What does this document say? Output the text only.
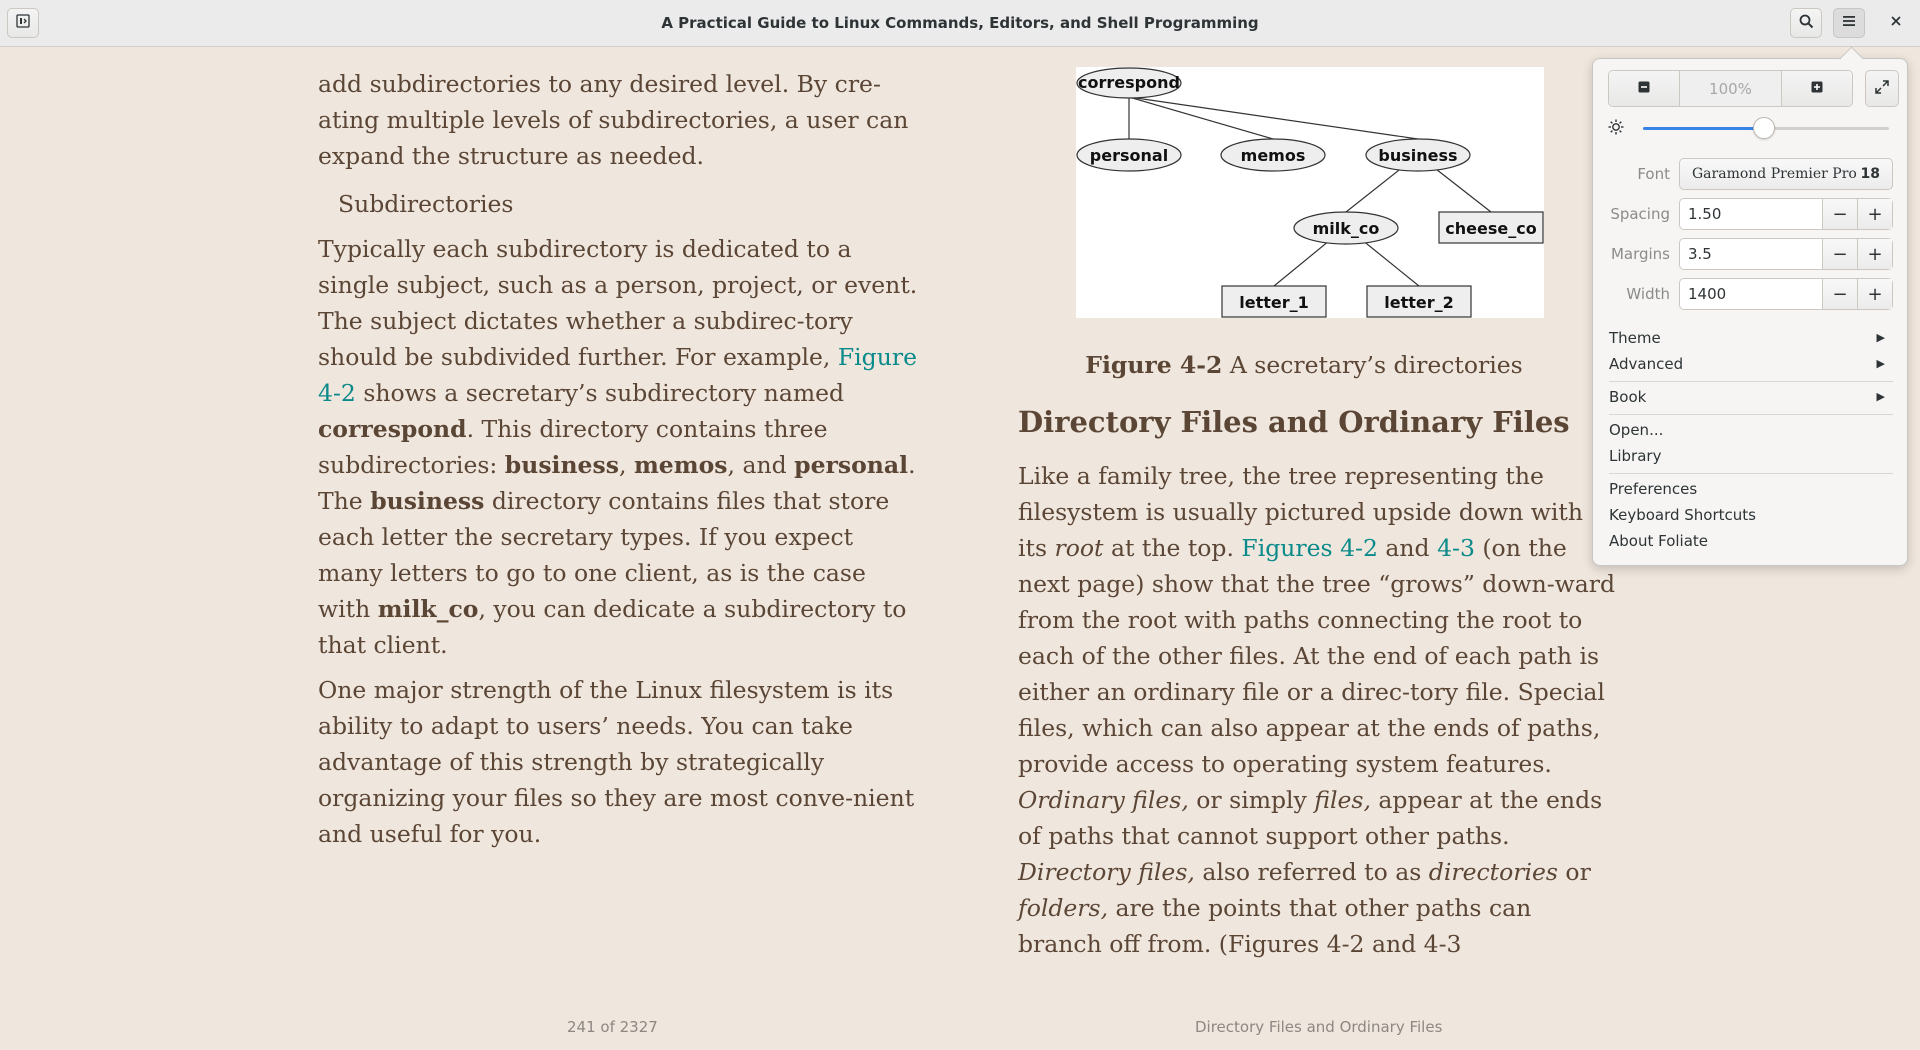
A Practical Guide to Linux Commands, Editors, and Shell Programming

add subdirectories to any desired level. By cre-ating multiple levels of subdirectories, a user can expand the structure as needed.

Subdirectories

Typically each subdirectory is dedicated to a single subject, such as a person, project, or event. The subject dictates whether a subdirec-tory should be subdivided further. For example, Figure 4-2 shows a secretary’s subdirectory named correspond. This directory contains three subdirectories: business, memos, and personal. The business directory contains files that store each letter the secretary types. If you expect many letters to go to one client, as is the case with milk_co, you can dedicate a subdirectory to that client.

One major strength of the Linux filesystem is its ability to adapt to users’ needs. You can take advantage of this strength by strategically organizing your files so they are most conve-nient and useful for you.

correspond
personal	memos	business
milk_co	cheese_co
letter_1	letter_2
Figure 4-2 A secretary’s directories
Directory Files and Ordinary Files

Like a family tree, the tree representing the filesystem is usually pictured upside down with its root at the top. Figures 4-2 and 4-3 (on the next page) show that the tree “grows” down-ward from the root with paths connecting the root to each of the other files. At the end of each path is either an ordinary file or a direc-tory file. Special files, which can also appear at the ends of paths, provide access to operating system features. Ordinary files, or simply files, appear at the ends of paths that cannot support other paths. Directory files, also referred to as directories or folders, are the points that other paths can branch off from. (Figures 4-2 and 4-3

241 of 2327	Directory Files and Ordinary Files
100%
Font Garamond Premier Pro 18
Spacing	1.50	−	+
Margins	3.5	−	+
Width	1400	−	+
Theme	▶
Advanced	▶
Book	▶
Open...
Library
Preferences
Keyboard Shortcuts
About Foliate
